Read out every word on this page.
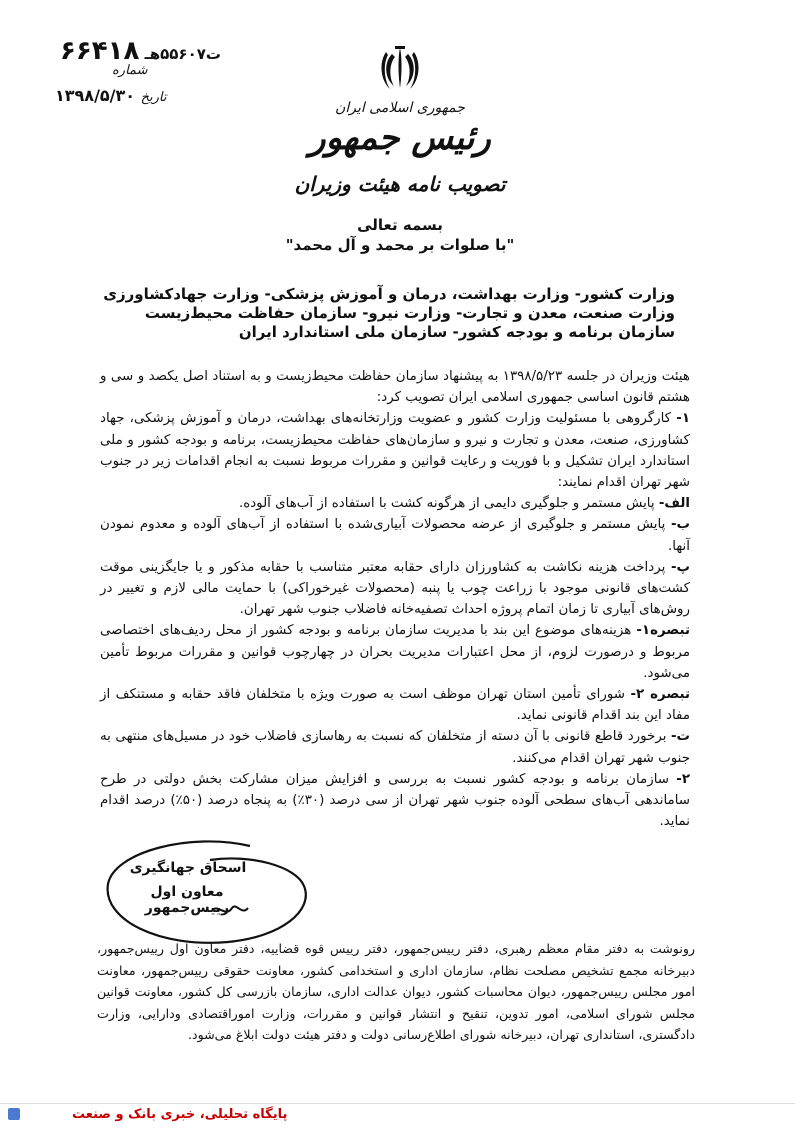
ت۵۵۶۰۷هـ ۶۶۴۱۸
شماره
تاریخ ۱۳۹۸/۵/۳۰
جمهوری اسلامی ایران
رئیس جمهور
تصویب نامه هیئت وزیران
بسمه تعالی
"با صلوات بر محمد و آل محمد"
وزارت کشور- وزارت بهداشت، درمان و آموزش پزشکی- وزارت جهادکشاورزی
وزارت صنعت، معدن و تجارت- وزارت نیرو- سازمان حفاظت محیط‌زیست
سازمان برنامه و بودجه کشور- سازمان ملی استاندارد ایران

هیئت وزیران در جلسه ۱۳۹۸/۵/۲۳ به پیشنهاد سازمان حفاظت محیط‌زیست و به استناد اصل یکصد و سی و هشتم قانون اساسی جمهوری اسلامی ایران تصویب کرد:

۱- کارگروهی با مسئولیت وزارت کشور و عضویت وزارتخانه‌های بهداشت، درمان و آموزش پزشکی، جهاد کشاورزی، صنعت، معدن و تجارت و نیرو و سازمان‌های حفاظت محیط‌زیست، برنامه و بودجه کشور و ملی استاندارد ایران تشکیل و با فوریت و رعایت قوانین و مقررات مربوط نسبت به انجام اقدامات زیر در جنوب شهر تهران اقدام نمایند:

الف- پایش مستمر و جلوگیری دایمی از هرگونه کشت با استفاده از آب‌های آلوده.

ب- پایش مستمر و جلوگیری از عرضه محصولات آبیاری‌شده با استفاده از آب‌های آلوده و معدوم نمودن آنها.

پ- پرداخت هزینه نکاشت به کشاورزان دارای حقابه معتبر متناسب با حقابه مذکور و یا جایگزینی موقت کشت‌های قانونی موجود با زراعت چوب یا پنبه (محصولات غیرخوراکی) با حمایت مالی لازم و تغییر در روش‌های آبیاری تا زمان اتمام پروژه احداث تصفیه‌خانه فاضلاب جنوب شهر تهران.

تبصره۱- هزینه‌های موضوع این بند با مدیریت سازمان برنامه و بودجه کشور از محل ردیف‌های اختصاصی مربوط و درصورت لزوم، از محل اعتبارات مدیریت بحران در چهارچوب قوانین و مقررات مربوط تأمین می‌شود.

تبصره ۲- شورای تأمین استان تهران موظف است به صورت ویژه با متخلفان فاقد حقابه و مستنکف از مفاد این بند اقدام قانونی نماید.

ت- برخورد قاطع قانونی با آن دسته از متخلفان که نسبت به رهاسازی فاضلاب خود در مسیل‌های منتهی به جنوب شهر تهران اقدام می‌کنند.

۲- سازمان برنامه و بودجه کشور نسبت به بررسی و افزایش میزان مشارکت بخش دولتی در طرح ساماندهی آب‌های سطحی آلوده جنوب شهر تهران از سی درصد (۳۰٪) به پنجاه درصد (۵۰٪) درصد اقدام نماید.

اسحاق جهانگیری
معاون اول رییس‌جمهور
رونوشت به دفتر مقام معظم رهبری، دفتر رییس‌جمهور، دفتر رییس قوه قضاییه، دفتر معاون اول رییس‌جمهور، دبیرخانه مجمع تشخیص مصلحت نظام، سازمان اداری و استخدامی کشور، معاونت حقوقی رییس‌جمهور، معاونت امور مجلس رییس‌جمهور، دیوان محاسبات کشور، دیوان عدالت اداری، سازمان بازرسی کل کشور، معاونت قوانین مجلس شورای اسلامی، امور تدوین، تنقیح و انتشار قوانین و مقررات، وزارت اموراقتصادی ودارایی، وزارت دادگستری، استانداری تهران، دبیرخانه شورای اطلاع‌رسانی دولت و دفتر هیئت دولت ابلاغ می‌شود.
پایگاه تحلیلی، خبری بانک و صنعت
